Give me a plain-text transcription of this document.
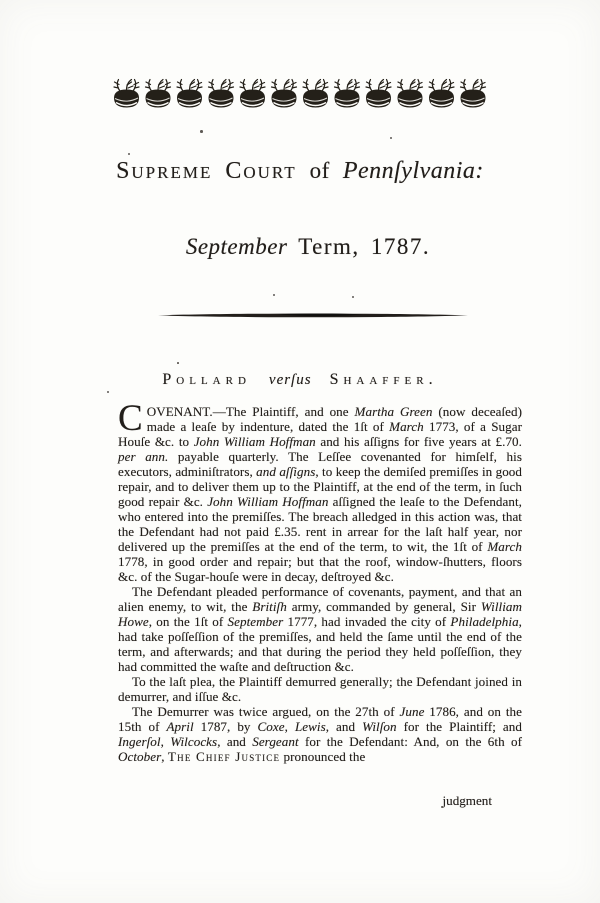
Supreme Court of Pennſylvania:
September Term, 1787.
Pollard verſus Shaaffer.

COVENANT.—The Plaintiff, and one Martha Green (now deceaſed) made a leaſe by indenture, dated the 1ſt of March 1773, of a Sugar Houſe &c. to John William Hoffman and his aſſigns for five years at £.70. per ann. payable quarterly. The Leſſee covenanted for himſelf, his executors, adminiſtrators, and aſſigns, to keep the demiſed premiſſes in good repair, and to deliver them up to the Plaintiff, at the end of the term, in ſuch good repair &c. John William Hoffman aſſigned the leaſe to the Defendant, who entered into the premiſſes. The breach alledged in this action was, that the Defendant had not paid £.35. rent in arrear for the laſt half year, nor delivered up the premiſſes at the end of the term, to wit, the 1ſt of March 1778, in good order and repair; but that the roof, window-ſhutters, floors &c. of the Sugar-houſe were in decay, deſtroyed &c.

The Defendant pleaded performance of covenants, payment, and that an alien enemy, to wit, the Britiſh army, commanded by general, Sir William Howe, on the 1ſt of September 1777, had invaded the city of Philadelphia, had take poſſeſſion of the premiſſes, and held the ſame until the end of the term, and afterwards; and that during the period they held poſſeſſion, they had committed the waſte and deſtruction &c.

To the laſt plea, the Plaintiff demurred generally; the Defendant joined in demurrer, and iſſue &c.

The Demurrer was twice argued, on the 27th of June 1786, and on the 15th of April 1787, by Coxe, Lewis, and Wilſon for the Plaintiff; and Ingerſol, Wilcocks, and Sergeant for the Defendant: And, on the 6th of October, The Chief Justice pronounced the

judgment
